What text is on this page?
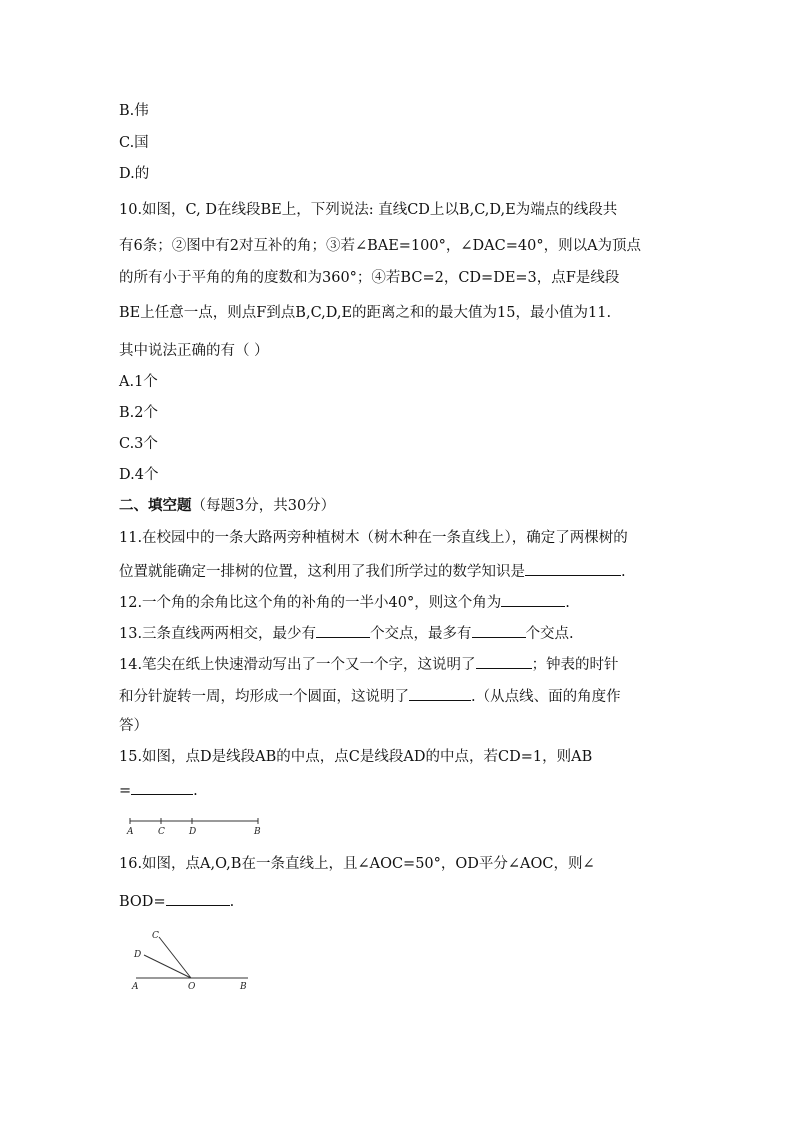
B.伟
C.国
D.的
10.如图，C, D在线段BE上，下列说法: 直线CD上以B,C,D,E为端点的线段共
有6条；②图中有2对互补的角；③若∠BAE=100°，∠DAC=40°，则以A为顶点
的所有小于平角的角的度数和为360°；④若BC=2，CD=DE=3，点F是线段
BE上任意一点，则点F到点B,C,D,E的距离之和的最大值为15，最小值为11.
其中说法正确的有（ ）
A.1个
B.2个
C.3个
D.4个
二、填空题（每题3分，共30分）
11.在校园中的一条大路两旁种植树木（树木种在一条直线上），确定了两棵树的
位置就能确定一排树的位置，这利用了我们所学过的数学知识是	.
12.一个角的余角比这个角的补角的一半小40°，则这个角为	.
13.三条直线两两相交，最少有	个交点，最多有	个交点.
14.笔尖在纸上快速滑动写出了一个又一个字，这说明了	；钟表的时针
和分针旋转一周，均形成一个圆面，这说明了	.（从点线、面的角度作
答）
15.如图，点D是线段AB的中点，点C是线段AD的中点，若CD=1，则AB
=	.
A	C	D	B
16.如图，点A,O,B在一条直线上，且∠AOC=50°，OD平分∠AOC，则∠
BOD=	.
C
D
A	O	B
